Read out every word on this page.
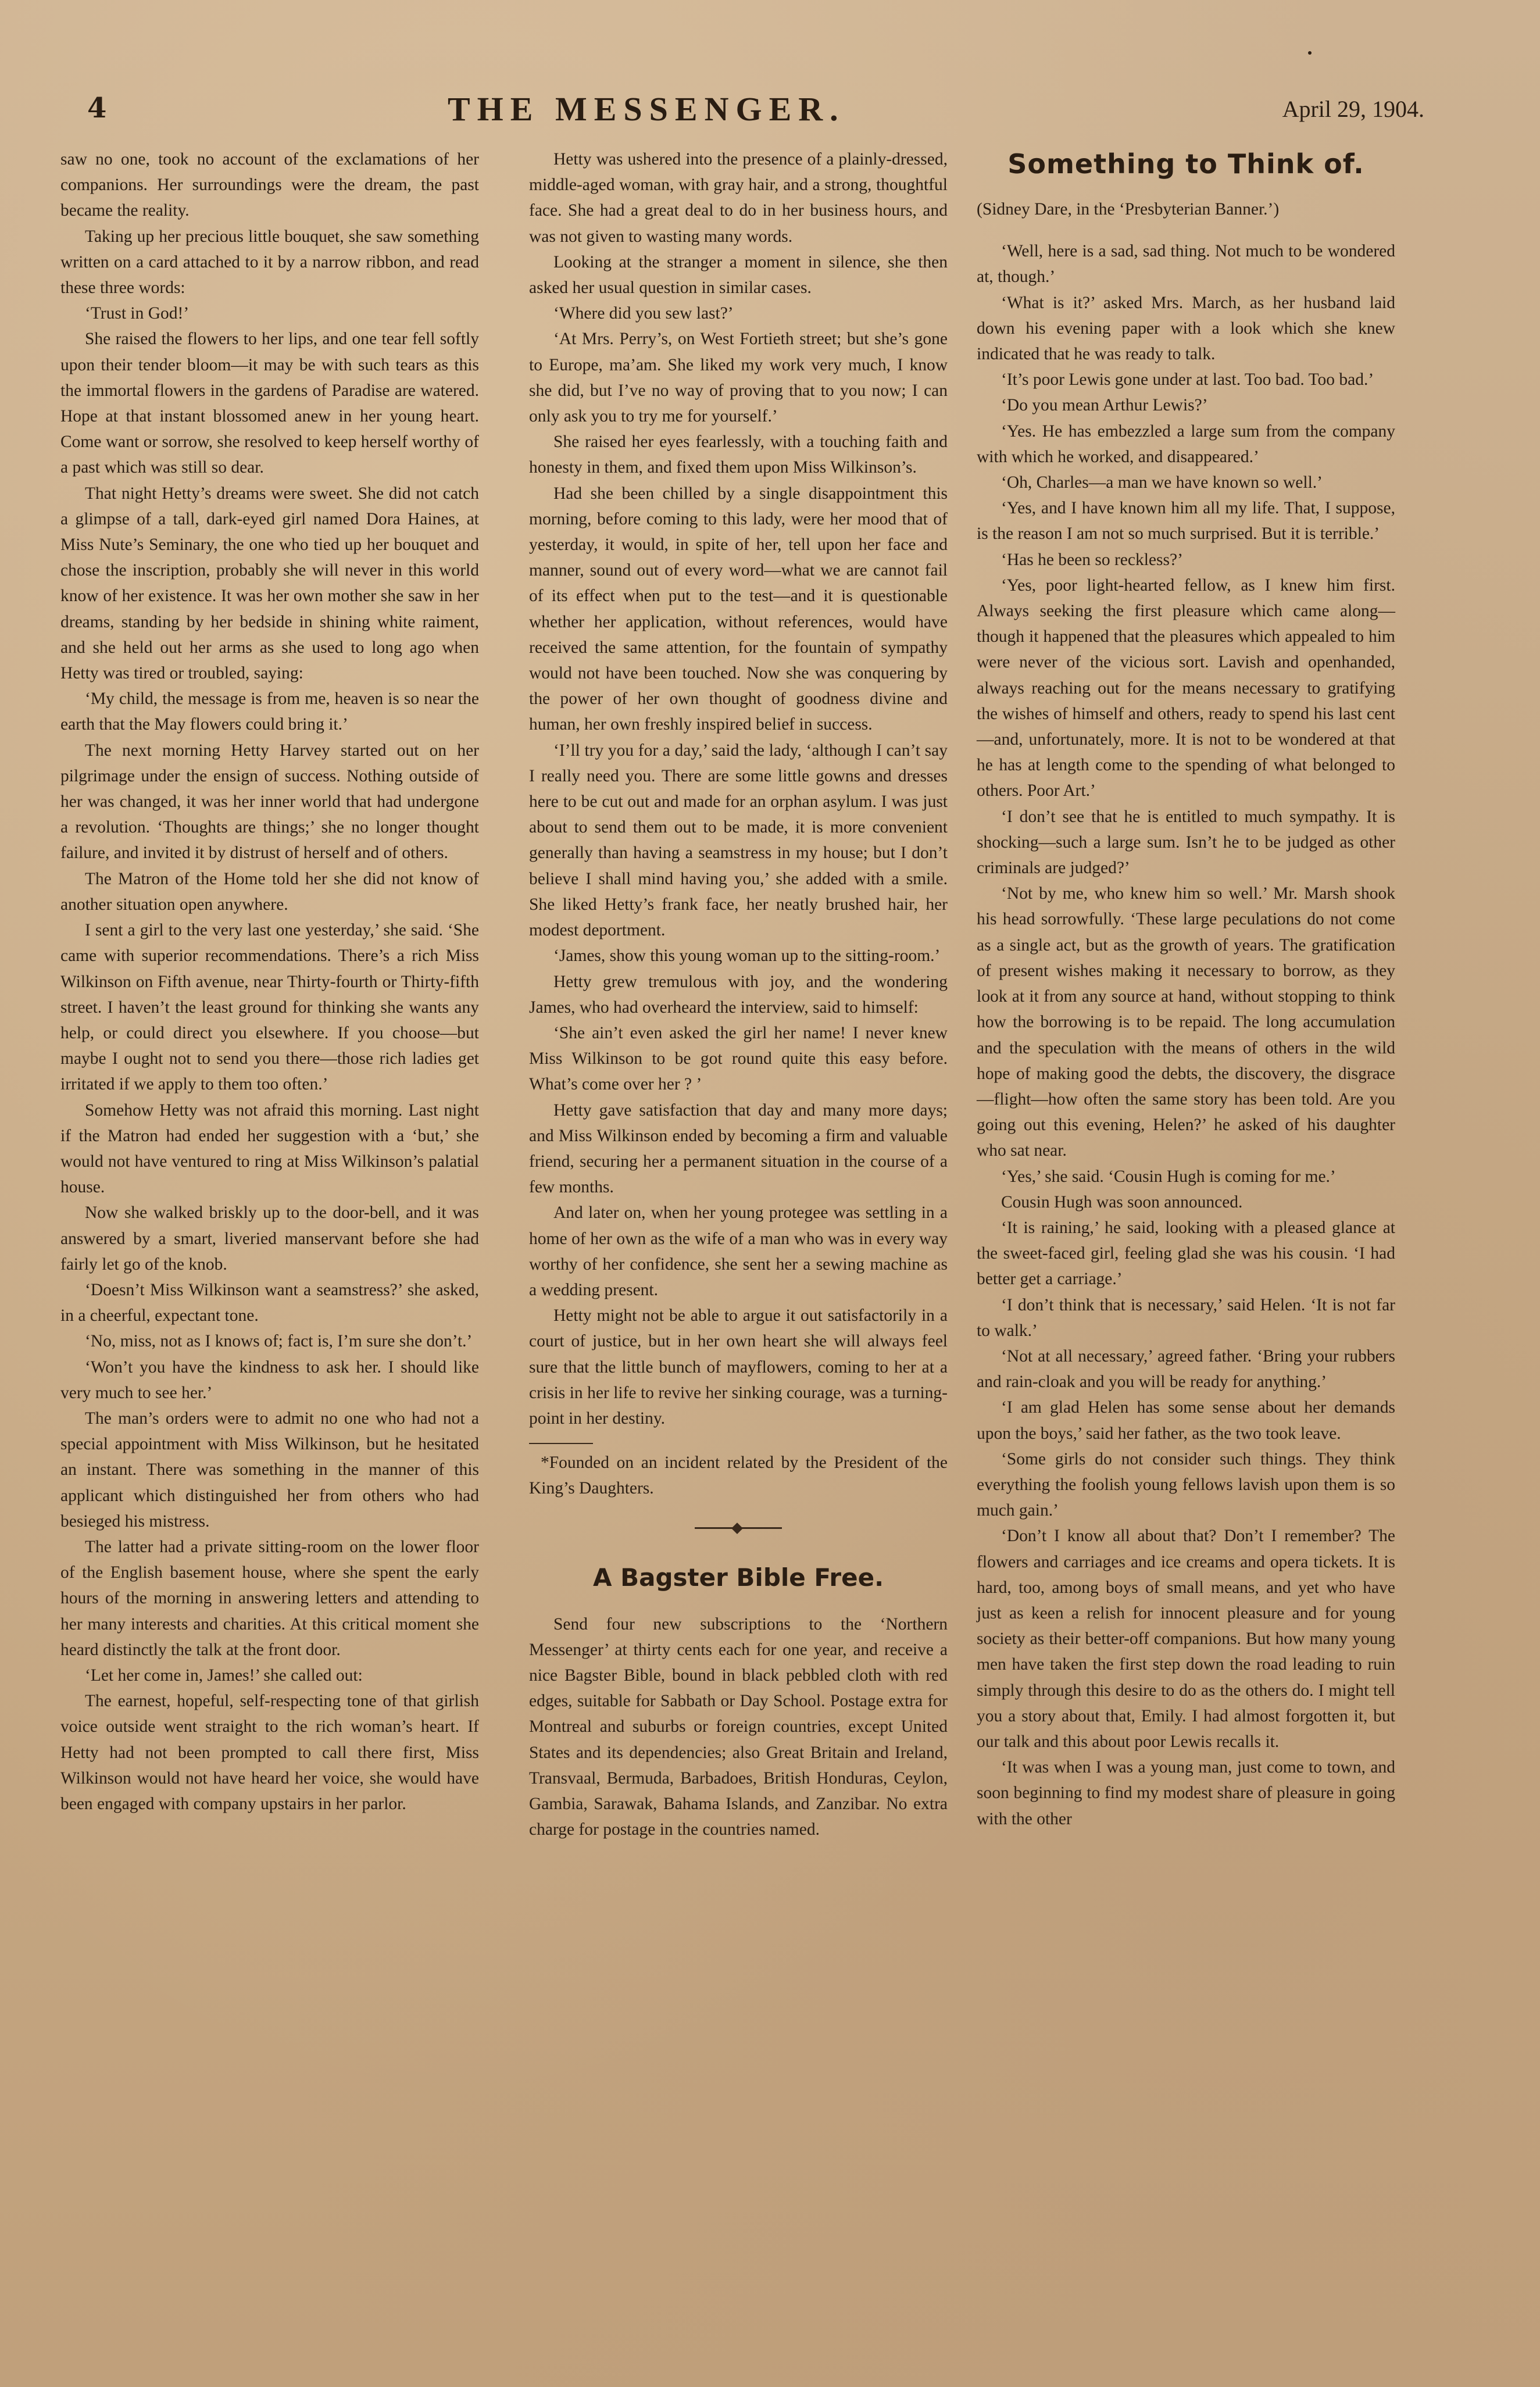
4	THE MESSENGER.	April 29, 1904.

saw no one, took no account of the exclamations of her companions. Her surroundings were the dream, the past became the reality.

Taking up her precious little bouquet, she saw something written on a card attached to it by a narrow ribbon, and read these three words:

‘Trust in God!’

She raised the flowers to her lips, and one tear fell softly upon their tender bloom—it may be with such tears as this the immortal flowers in the gardens of Paradise are watered. Hope at that instant blossomed anew in her young heart. Come want or sorrow, she resolved to keep herself worthy of a past which was still so dear.

That night Hetty’s dreams were sweet. She did not catch a glimpse of a tall, dark-eyed girl named Dora Haines, at Miss Nute’s Seminary, the one who tied up her bouquet and chose the inscription, probably she will never in this world know of her existence. It was her own mother she saw in her dreams, standing by her bedside in shining white raiment, and she held out her arms as she used to long ago when Hetty was tired or troubled, saying:

‘My child, the message is from me, heaven is so near the earth that the May flowers could bring it.’

The next morning Hetty Harvey started out on her pilgrimage under the ensign of success. Nothing outside of her was changed, it was her inner world that had undergone a revolution. ‘Thoughts are things;’ she no longer thought failure, and invited it by distrust of herself and of others.

The Matron of the Home told her she did not know of another situation open anywhere.

I sent a girl to the very last one yesterday,’ she said. ‘She came with superior recommendations. There’s a rich Miss Wilkinson on Fifth avenue, near Thirty-fourth or Thirty-fifth street. I haven’t the least ground for thinking she wants any help, or could direct you elsewhere. If you choose—but maybe I ought not to send you there—those rich ladies get irritated if we apply to them too often.’

Somehow Hetty was not afraid this morning. Last night if the Matron had ended her suggestion with a ‘but,’ she would not have ventured to ring at Miss Wilkinson’s palatial house.

Now she walked briskly up to the door-bell, and it was answered by a smart, liveried manservant before she had fairly let go of the knob.

‘Doesn’t Miss Wilkinson want a seamstress?’ she asked, in a cheerful, expectant tone.

‘No, miss, not as I knows of; fact is, I’m sure she don’t.’

‘Won’t you have the kindness to ask her. I should like very much to see her.’

The man’s orders were to admit no one who had not a special appointment with Miss Wilkinson, but he hesitated an instant. There was something in the manner of this applicant which distinguished her from others who had besieged his mistress.

The latter had a private sitting-room on the lower floor of the English basement house, where she spent the early hours of the morning in answering letters and attending to her many interests and charities. At this critical moment she heard distinctly the talk at the front door.

‘Let her come in, James!’ she called out:

The earnest, hopeful, self-respecting tone of that girlish voice outside went straight to the rich woman’s heart. If Hetty had not been prompted to call there first, Miss Wilkinson would not have heard her voice, she would have been engaged with company upstairs in her parlor.

Hetty was ushered into the presence of a plainly-dressed, middle-aged woman, with gray hair, and a strong, thoughtful face. She had a great deal to do in her business hours, and was not given to wasting many words.

Looking at the stranger a moment in silence, she then asked her usual question in similar cases.

‘Where did you sew last?’

‘At Mrs. Perry’s, on West Fortieth street; but she’s gone to Europe, ma’am. She liked my work very much, I know she did, but I’ve no way of proving that to you now; I can only ask you to try me for yourself.’

She raised her eyes fearlessly, with a touching faith and honesty in them, and fixed them upon Miss Wilkinson’s.

Had she been chilled by a single disappointment this morning, before coming to this lady, were her mood that of yesterday, it would, in spite of her, tell upon her face and manner, sound out of every word—what we are cannot fail of its effect when put to the test—and it is questionable whether her application, without references, would have received the same attention, for the fountain of sympathy would not have been touched. Now she was conquering by the power of her own thought of goodness divine and human, her own freshly inspired belief in success.

‘I’ll try you for a day,’ said the lady, ‘although I can’t say I really need you. There are some little gowns and dresses here to be cut out and made for an orphan asylum. I was just about to send them out to be made, it is more convenient generally than having a seamstress in my house; but I don’t believe I shall mind having you,’ she added with a smile. She liked Hetty’s frank face, her neatly brushed hair, her modest deportment.

‘James, show this young woman up to the sitting-room.’

Hetty grew tremulous with joy, and the wondering James, who had overheard the interview, said to himself:

‘She ain’t even asked the girl her name! I never knew Miss Wilkinson to be got round quite this easy before. What’s come over her ? ’

Hetty gave satisfaction that day and many more days; and Miss Wilkinson ended by becoming a firm and valuable friend, securing her a permanent situation in the course of a few months.

And later on, when her young protegee was settling in a home of her own as the wife of a man who was in every way worthy of her confidence, she sent her a sewing machine as a wedding present.

Hetty might not be able to argue it out satisfactorily in a court of justice, but in her own heart she will always feel sure that the little bunch of mayflowers, coming to her at a crisis in her life to revive her sinking courage, was a turning-point in her destiny.

*Founded on an incident related by the President of the King’s Daughters.

A Bagster Bible Free.

Send four new subscriptions to the ‘Northern Messenger’ at thirty cents each for one year, and receive a nice Bagster Bible, bound in black pebbled cloth with red edges, suitable for Sabbath or Day School. Postage extra for Montreal and suburbs or foreign countries, except United States and its dependencies; also Great Britain and Ireland, Transvaal, Bermuda, Barbadoes, British Honduras, Ceylon, Gambia, Sarawak, Bahama Islands, and Zanzibar. No extra charge for postage in the countries named.

Something to Think of.

(Sidney Dare, in the ‘Presbyterian Banner.’)

‘Well, here is a sad, sad thing. Not much to be wondered at, though.’

‘What is it?’ asked Mrs. March, as her husband laid down his evening paper with a look which she knew indicated that he was ready to talk.

‘It’s poor Lewis gone under at last. Too bad. Too bad.’

‘Do you mean Arthur Lewis?’

‘Yes. He has embezzled a large sum from the company with which he worked, and disappeared.’

‘Oh, Charles—a man we have known so well.’

‘Yes, and I have known him all my life. That, I suppose, is the reason I am not so much surprised. But it is terrible.’

‘Has he been so reckless?’

‘Yes, poor light-hearted fellow, as I knew him first. Always seeking the first pleasure which came along—though it happened that the pleasures which appealed to him were never of the vicious sort. Lavish and openhanded, always reaching out for the means necessary to gratifying the wishes of himself and others, ready to spend his last cent—and, unfortunately, more. It is not to be wondered at that he has at length come to the spending of what belonged to others. Poor Art.’

‘I don’t see that he is entitled to much sympathy. It is shocking—such a large sum. Isn’t he to be judged as other criminals are judged?’

‘Not by me, who knew him so well.’ Mr. Marsh shook his head sorrowfully. ‘These large peculations do not come as a single act, but as the growth of years. The gratification of present wishes making it necessary to borrow, as they look at it from any source at hand, without stopping to think how the borrowing is to be repaid. The long accumulation and the speculation with the means of others in the wild hope of making good the debts, the discovery, the disgrace—flight—how often the same story has been told. Are you going out this evening, Helen?’ he asked of his daughter who sat near.

‘Yes,’ she said. ‘Cousin Hugh is coming for me.’

Cousin Hugh was soon announced.

‘It is raining,’ he said, looking with a pleased glance at the sweet-faced girl, feeling glad she was his cousin. ‘I had better get a carriage.’

‘I don’t think that is necessary,’ said Helen. ‘It is not far to walk.’

‘Not at all necessary,’ agreed father. ‘Bring your rubbers and rain-cloak and you will be ready for anything.’

‘I am glad Helen has some sense about her demands upon the boys,’ said her father, as the two took leave.

‘Some girls do not consider such things. They think everything the foolish young fellows lavish upon them is so much gain.’

‘Don’t I know all about that? Don’t I remember? The flowers and carriages and ice creams and opera tickets. It is hard, too, among boys of small means, and yet who have just as keen a relish for innocent pleasure and for young society as their better-off companions. But how many young men have taken the first step down the road leading to ruin simply through this desire to do as the others do. I might tell you a story about that, Emily. I had almost forgotten it, but our talk and this about poor Lewis recalls it.

‘It was when I was a young man, just come to town, and soon beginning to find my modest share of pleasure in going with the other
